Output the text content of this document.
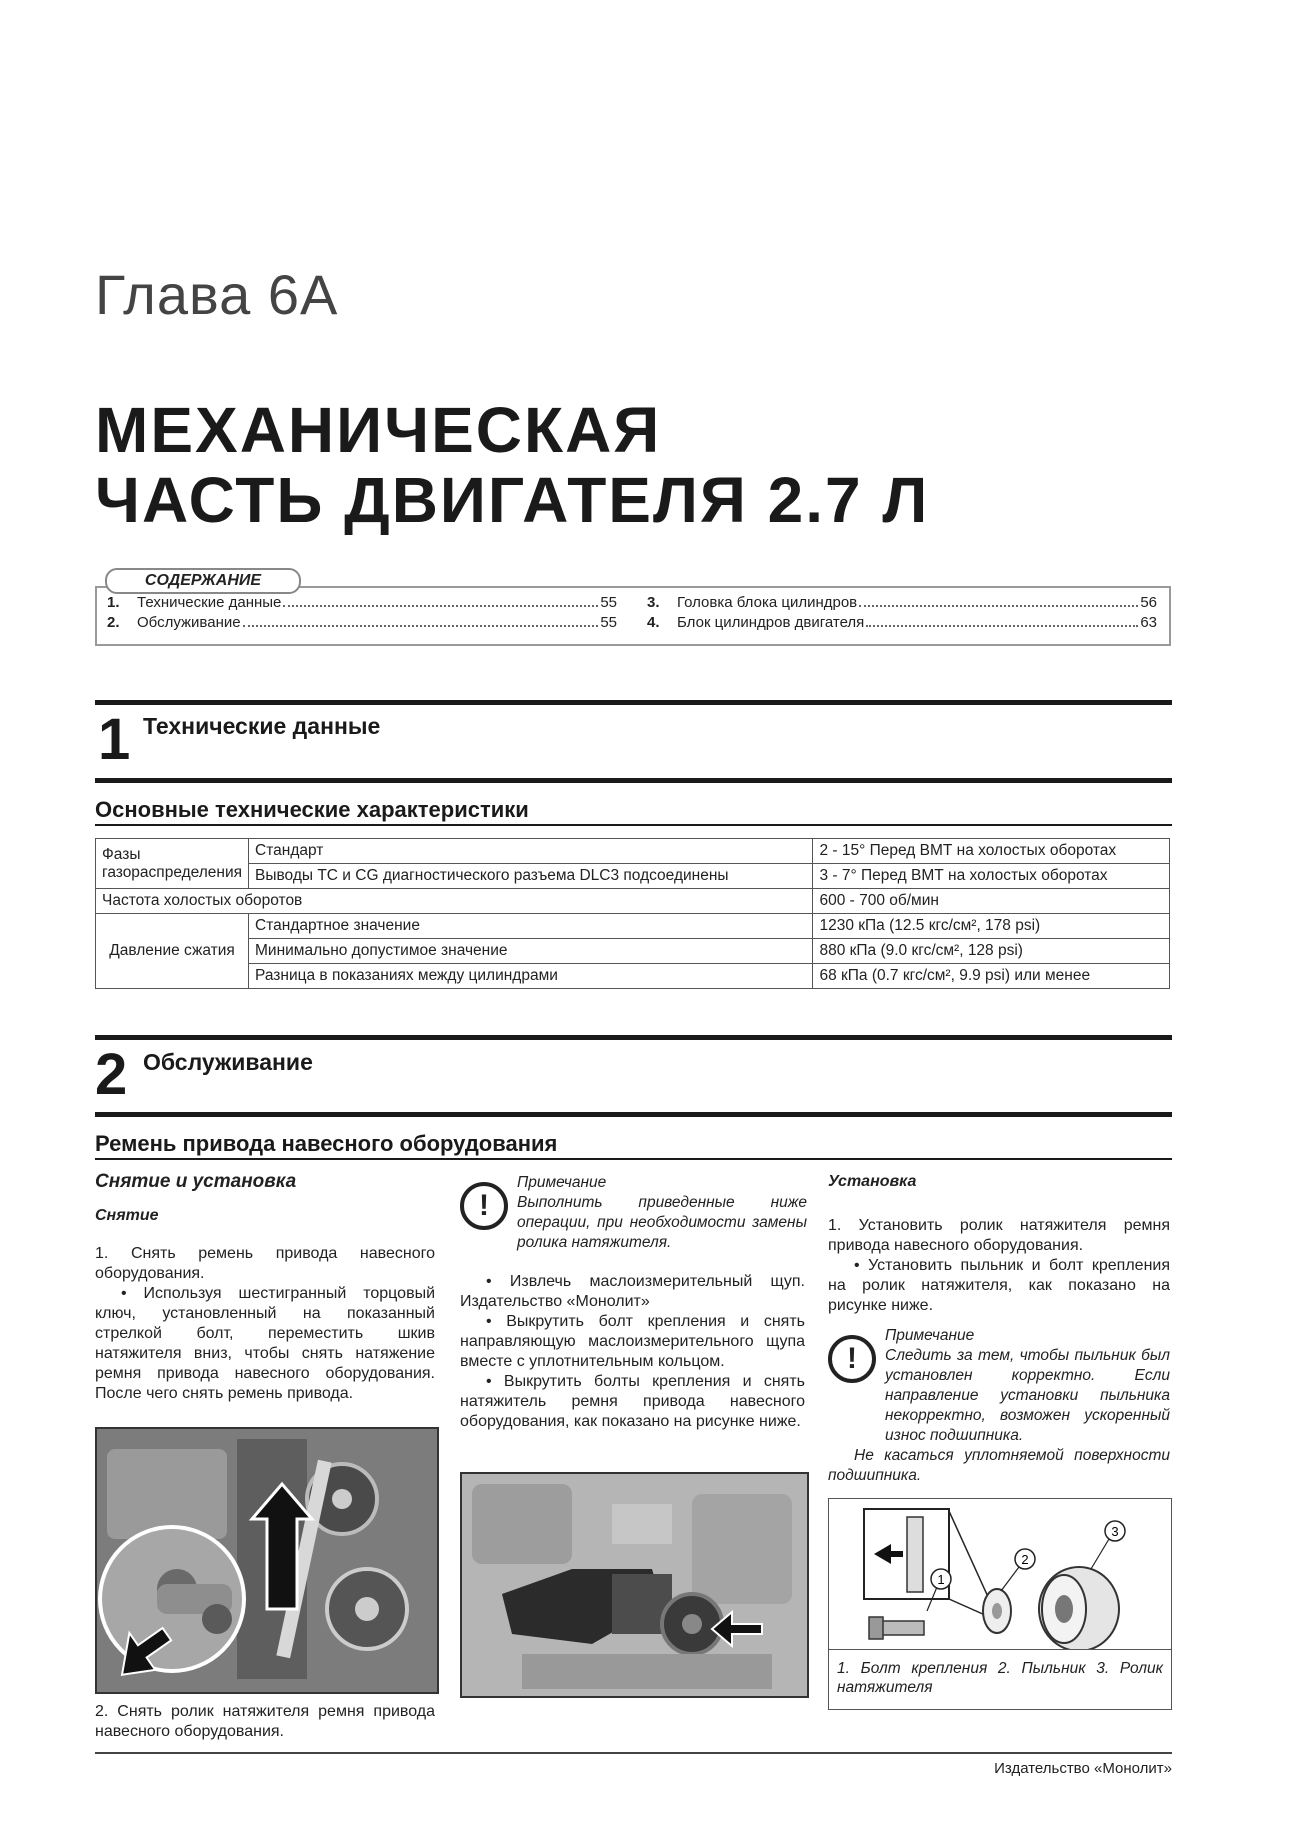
Глава 6А
МЕХАНИЧЕСКАЯ
ЧАСТЬ ДВИГАТЕЛЯ 2.7 Л
1.	Технические данные	55
2.	Обслуживание	55
3.	Головка блока цилиндров	56
4.	Блок цилиндров двигателя	63
СОДЕРЖАНИЕ
1 Технические данные
Основные технические характеристики
Фазы газораспределения	Стандарт	2 - 15° Перед ВМТ на холостых оборотах
	Выводы TC и CG диагностического разъема DLC3 подсоединены	3 - 7° Перед ВМТ на холостых оборотах
Частота холостых оборотов		600 - 700 об/мин
Давление сжатия	Стандартное значение	1230 кПа (12.5 кгс/см², 178 psi)
	Минимально допустимое значение	880 кПа (9.0 кгс/см², 128 psi)
	Разница в показаниях между цилиндрами	68 кПа (0.7 кгс/см², 9.9 psi) или менее
2 Обслуживание
Ремень привода навесного оборудования

Снятие и установка

Снятие

1. Снять ремень привода навесного оборудования.

• Используя шестигранный торцовый ключ, установленный на показанный стрелкой болт, переместить шкив натяжителя вниз, чтобы снять натяжение ремня привода навесного оборудования. После чего снять ремень привода.

2. Снять ролик натяжителя ремня привода навесного оборудования.
!

Примечание

Выполнить приведенные ниже операции, при необходимости замены ролика натяжителя.

• Извлечь маслоизмерительный щуп. Издательство «Монолит»

• Выкрутить болт крепления и снять направляющую маслоизмерительного щупа вместе с уплотнительным кольцом.

• Выкрутить болты крепления и снять натяжитель ремня привода навесного оборудования, как показано на рисунке ниже.

Установка

1. Установить ролик натяжителя ремня привода навесного оборудования.

• Установить пыльник и болт крепления на ролик натяжителя, как показано на рисунке ниже.

!

Примечание

Следить за тем, чтобы пыльник был установлен корректно. Если направление установки пыльника некорректно, возможен ускоренный износ подшипника.

Не касаться уплотняемой поверхности подшипника.

1
2
3
1. Болт крепления 2. Пыльник 3. Ролик натяжителя
Издательство «Монолит»
